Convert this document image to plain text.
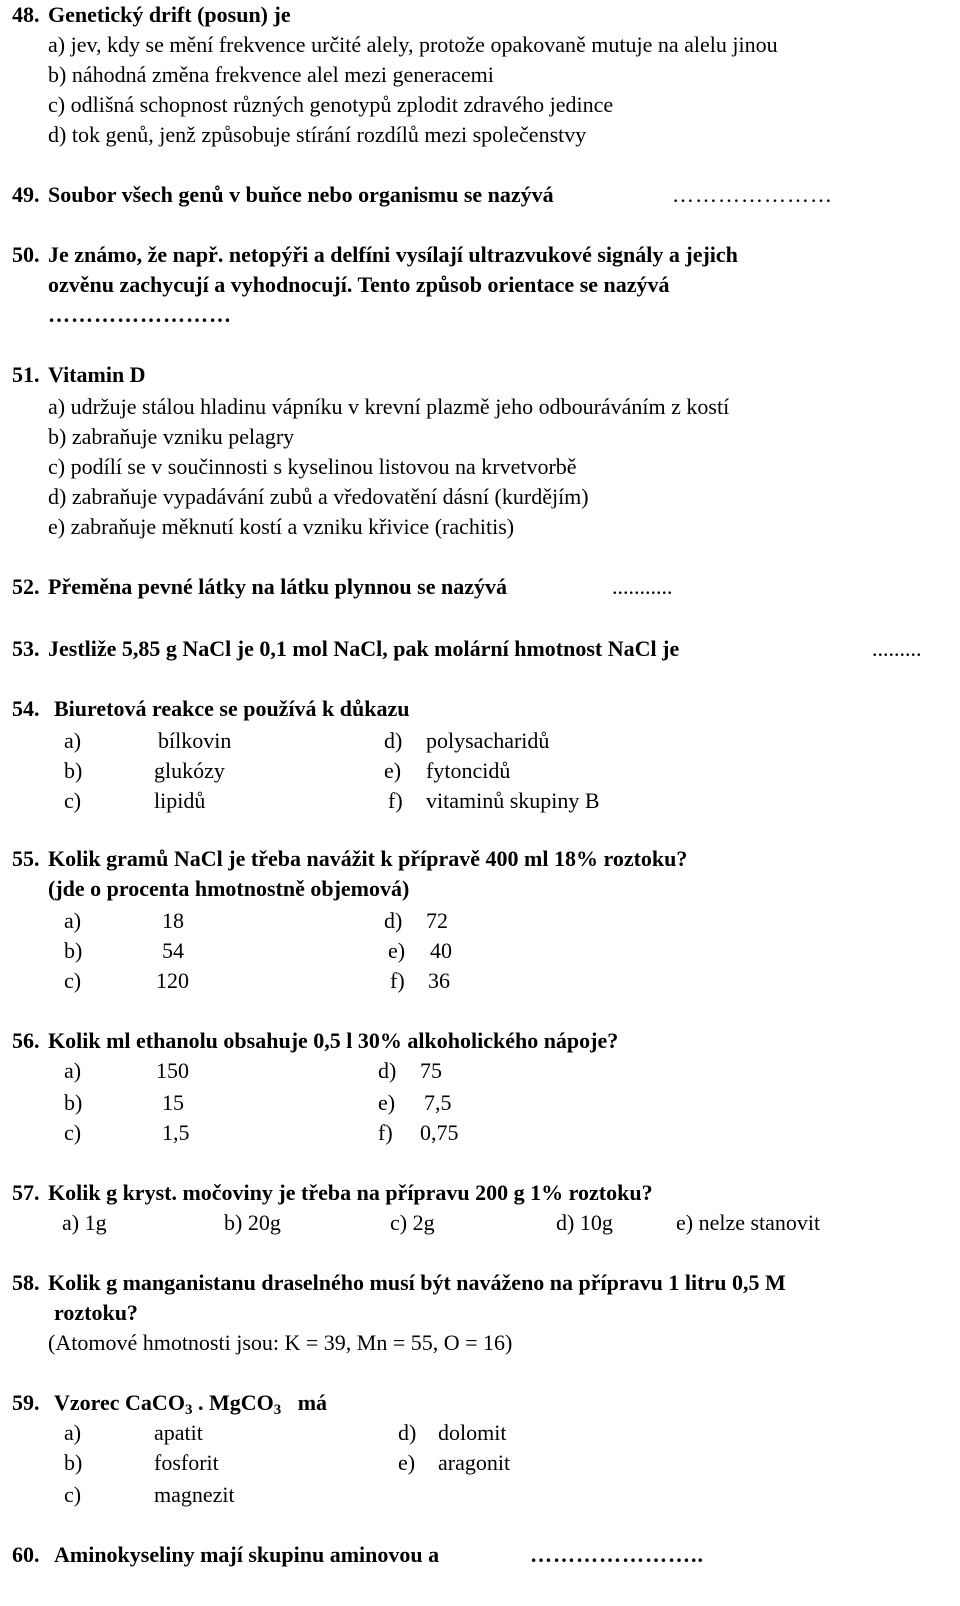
48. Genetický drift (posun) je
a) jev, kdy se mění frekvence určité alely, protože opakovaně mutuje na alelu jinou
b) náhodná změna frekvence alel mezi generacemi
c) odlišná schopnost různých genotypů zplodit zdravého jedince
d) tok genů, jenž způsobuje stírání rozdílů mezi společenstvy
49. Soubor všech genů v buňce nebo organismu se nazývá	…………………
50. Je známo, že např. netopýři a delfíni vysílají ultrazvukové signály a jejich
ozvěnu zachycují a vyhodnocují. Tento způsob orientace se nazývá
……………………
51. Vitamin D
a) udržuje stálou hladinu vápníku v krevní plazmě jeho odbouráváním z kostí
b) zabraňuje vzniku pelagry
c) podílí se v součinnosti s kyselinou listovou na krvetvorbě
d) zabraňuje vypadávání zubů a vředovatění dásní (kurdějím)
e) zabraňuje měknutí kostí a vzniku křivice (rachitis)
52. Přeměna pevné látky na látku plynnou se nazývá	...........
53. Jestliže 5,85 g NaCl je 0,1 mol NaCl, pak molární hmotnost NaCl je	.........
54. Biuretová reakce se používá k důkazu
a)	bílkovin	d) polysacharidů
b)	glukózy	e) fytoncidů
c)	lipidů	f) vitaminů skupiny B
55. Kolik gramů NaCl je třeba navážit k přípravě 400 ml 18% roztoku?
(jde o procenta hmotnostně objemová)
a)	18	d) 72
b)	54	e) 40
c)	120	f) 36
56. Kolik ml ethanolu obsahuje 0,5 l 30% alkoholického nápoje?
a)	150	d) 75
b)	15	e) 7,5
c)	1,5	f) 0,75
57. Kolik g kryst. močoviny je třeba na přípravu 200 g 1% roztoku?
a) 1g	b) 20g	c) 2g	d) 10g	e) nelze stanovit
58. Kolik g manganistanu draselného musí být naváženo na přípravu 1 litru 0,5 M
roztoku?
(Atomové hmotnosti jsou: K = 39, Mn = 55, O = 16)
59. Vzorec CaCO$_3$ . MgCO$_3$   má
a)	apatit	d) dolomit
b)	fosforit	e) aragonit
c)	magnezit
60. Aminokyseliny mají skupinu aminovou a	…………………..
